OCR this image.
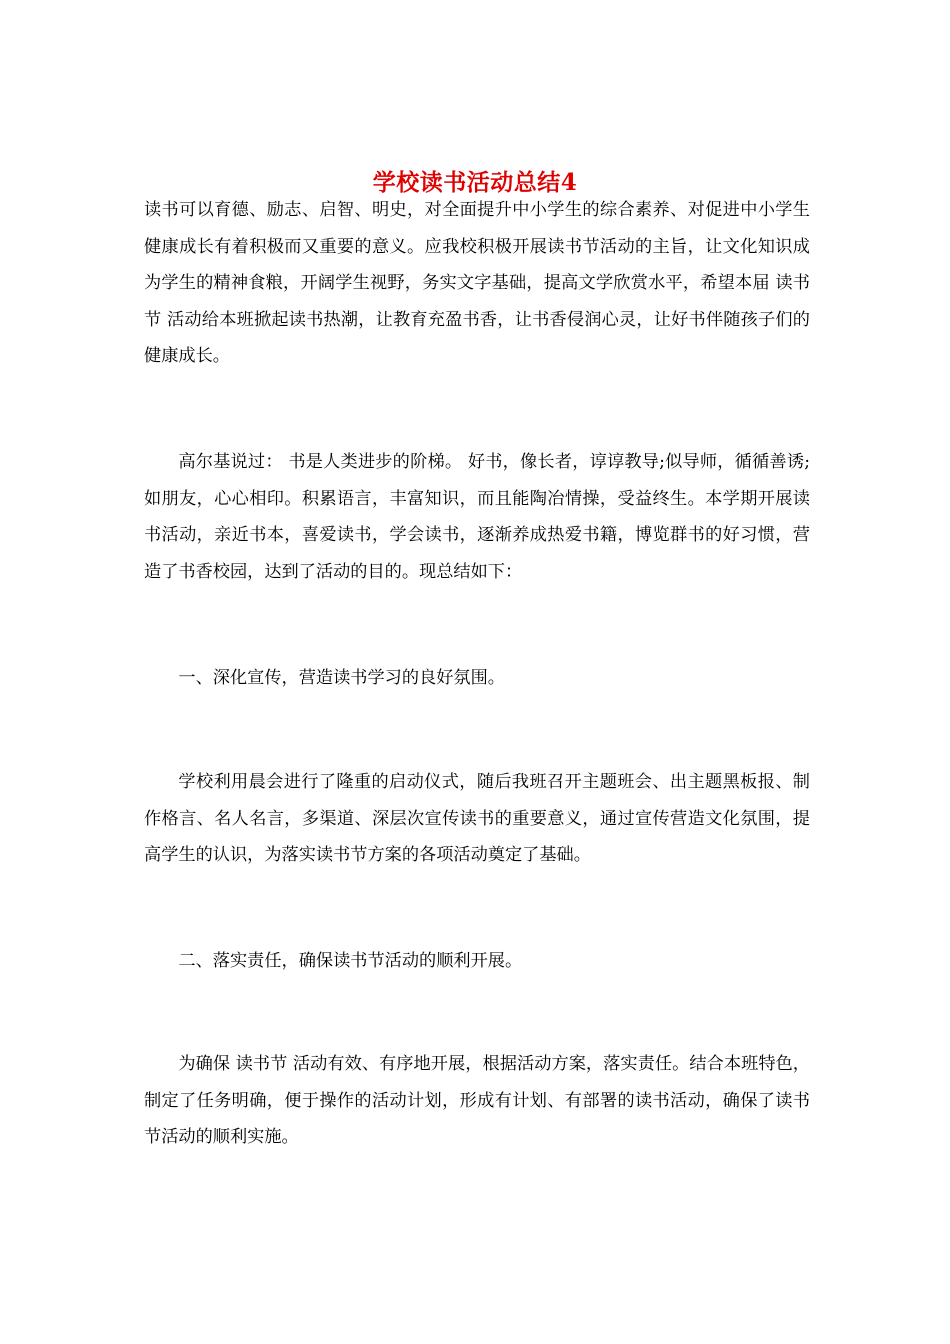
学校读书活动总结4

读书可以育德、励志、启智、明史，对全面提升中小学生的综合素养、对促进中小学生健康成长有着积极而又重要的意义。应我校积极开展读书节活动的主旨，让文化知识成为学生的精神食粮，开阔学生视野，务实文字基础，提高文学欣赏水平，希望本届 读书节 活动给本班掀起读书热潮，让教育充盈书香，让书香侵润心灵，让好书伴随孩子们的健康成长。

高尔基说过： 书是人类进步的阶梯。 好书，像长者，谆谆教导;似导师，循循善诱;如朋友，心心相印。积累语言，丰富知识，而且能陶冶情操，受益终生。本学期开展读书活动，亲近书本，喜爱读书，学会读书，逐渐养成热爱书籍，博览群书的好习惯，营造了书香校园，达到了活动的目的。现总结如下：

一、深化宣传，营造读书学习的良好氛围。

学校利用晨会进行了隆重的启动仪式，随后我班召开主题班会、出主题黑板报、制作格言、名人名言，多渠道、深层次宣传读书的重要意义，通过宣传营造文化氛围，提高学生的认识，为落实读书节方案的各项活动奠定了基础。

二、落实责任，确保读书节活动的顺利开展。

为确保 读书节 活动有效、有序地开展，根据活动方案，落实责任。结合本班特色，制定了任务明确，便于操作的活动计划，形成有计划、有部署的读书活动，确保了读书节活动的顺利实施。
